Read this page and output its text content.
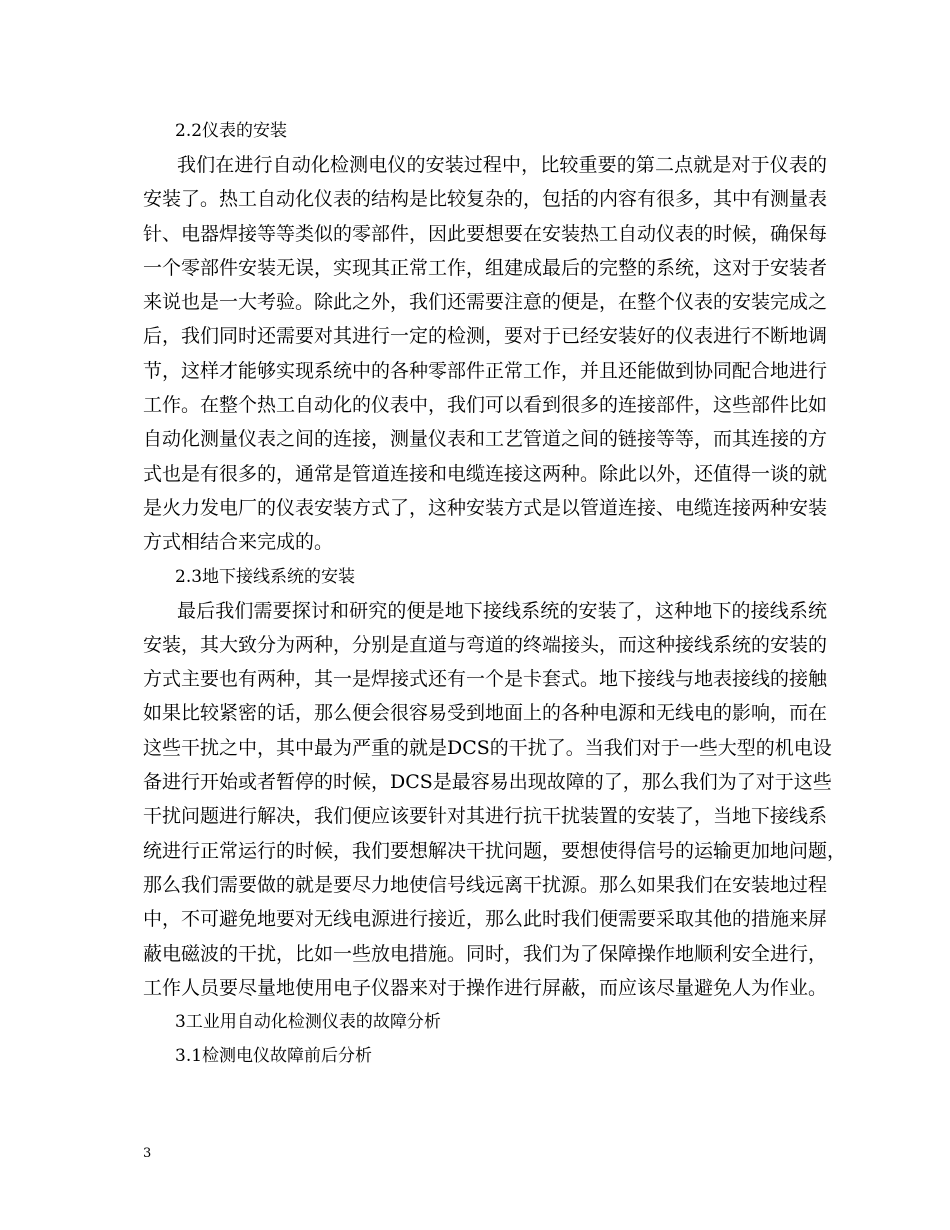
2.2仪表的安装

我们在进行自动化检测电仪的安装过程中，比较重要的第二点就是对于仪表的
安装了。热工自动化仪表的结构是比较复杂的，包括的内容有很多，其中有测量表
针、电器焊接等等类似的零部件，因此要想要在安装热工自动仪表的时候，确保每
一个零部件安装无误，实现其正常工作，组建成最后的完整的系统，这对于安装者
来说也是一大考验。除此之外，我们还需要注意的便是，在整个仪表的安装完成之
后，我们同时还需要对其进行一定的检测，要对于已经安装好的仪表进行不断地调
节，这样才能够实现系统中的各种零部件正常工作，并且还能做到协同配合地进行
工作。在整个热工自动化的仪表中，我们可以看到很多的连接部件，这些部件比如
自动化测量仪表之间的连接，测量仪表和工艺管道之间的链接等等，而其连接的方
式也是有很多的，通常是管道连接和电缆连接这两种。除此以外，还值得一谈的就
是火力发电厂的仪表安装方式了，这种安装方式是以管道连接、电缆连接两种安装
方式相结合来完成的。

2.3地下接线系统的安装

最后我们需要探讨和研究的便是地下接线系统的安装了，这种地下的接线系统
安装，其大致分为两种，分别是直道与弯道的终端接头，而这种接线系统的安装的
方式主要也有两种，其一是焊接式还有一个是卡套式。地下接线与地表接线的接触
如果比较紧密的话，那么便会很容易受到地面上的各种电源和无线电的影响，而在
这些干扰之中，其中最为严重的就是DCS的干扰了。当我们对于一些大型的机电设
备进行开始或者暂停的时候，DCS是最容易出现故障的了，那么我们为了对于这些
干扰问题进行解决，我们便应该要针对其进行抗干扰装置的安装了，当地下接线系
统进行正常运行的时候，我们要想解决干扰问题，要想使得信号的运输更加地问题，
那么我们需要做的就是要尽力地使信号线远离干扰源。那么如果我们在安装地过程
中，不可避免地要对无线电源进行接近，那么此时我们便需要采取其他的措施来屏
蔽电磁波的干扰，比如一些放电措施。同时，我们为了保障操作地顺利安全进行，
工作人员要尽量地使用电子仪器来对于操作进行屏蔽，而应该尽量避免人为作业。

3工业用自动化检测仪表的故障分析

3.1检测电仪故障前后分析

3
